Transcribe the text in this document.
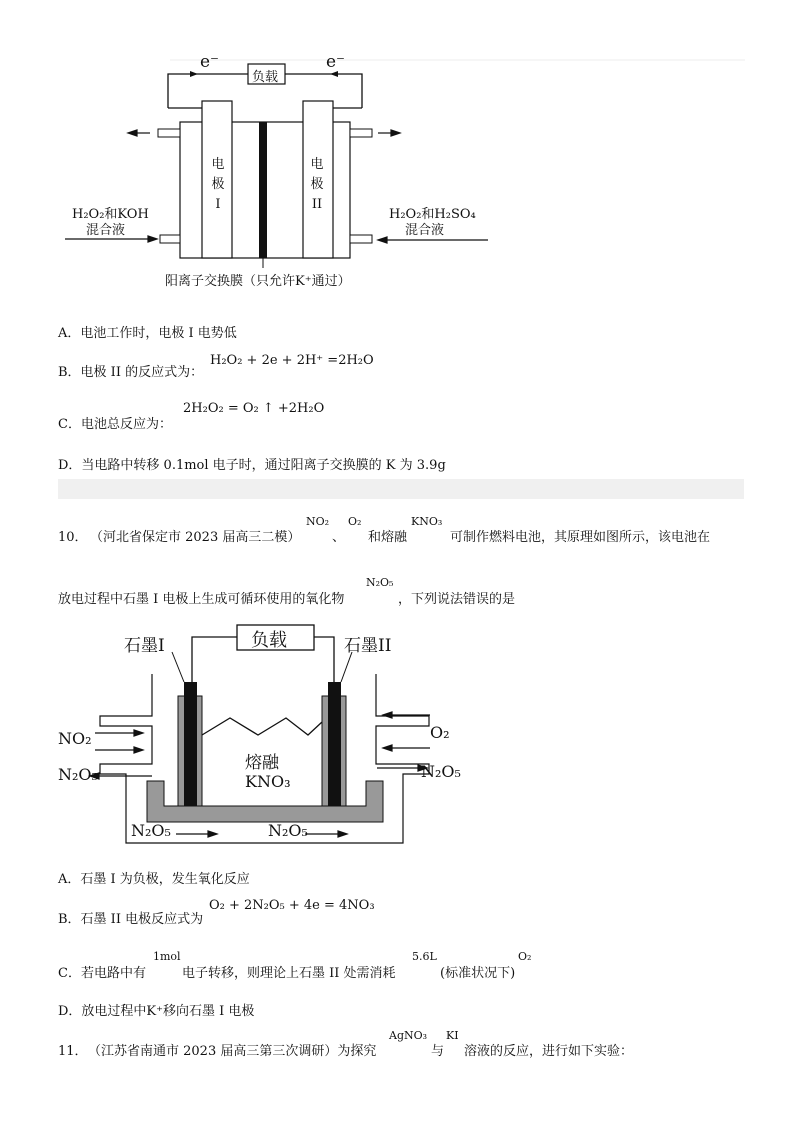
e⁻	e⁻
负载
电
极
I
电
极
II
H₂O₂和KOH
混合液
H₂O₂和H₂SO₄
混合液
阳离子交换膜（只允许K⁺通过）
A．电池工作时，电极 I 电势低
B．电极 II 的反应式为：
H₂O₂ + 2e + 2H⁺ =2H₂O
C．电池总反应为：
2H₂O₂ = O₂ ↑ +2H₂O
D．当电路中转移 0.1mol 电子时，通过阳离子交换膜的 K 为 3.9g
10． （河北省保定市 2023 届高三二模）
NO₂
、
O₂
和熔融
KNO₃
可制作燃料电池，其原理如图所示，该电池在
放电过程中石墨 I 电极上生成可循环使用的氧化物
N₂O₅
，下列说法错误的是
负载
石墨I	石墨II
NO₂
N₂O₅
O₂
N₂O₅
熔融
KNO₃
N₂O₅	N₂O₅
A．石墨 I 为负极，发生氧化反应
B．石墨 II 电极反应式为
O₂ + 2N₂O₅ + 4e = 4NO₃
C．若电路中有
1mol
电子转移，则理论上石墨 II 处需消耗
5.6L
(标准状况下)
O₂
D．放电过程中K⁺移向石墨 I 电极
11． （江苏省南通市 2023 届高三第三次调研）为探究
AgNO₃
与
KI
溶液的反应，进行如下实验：
